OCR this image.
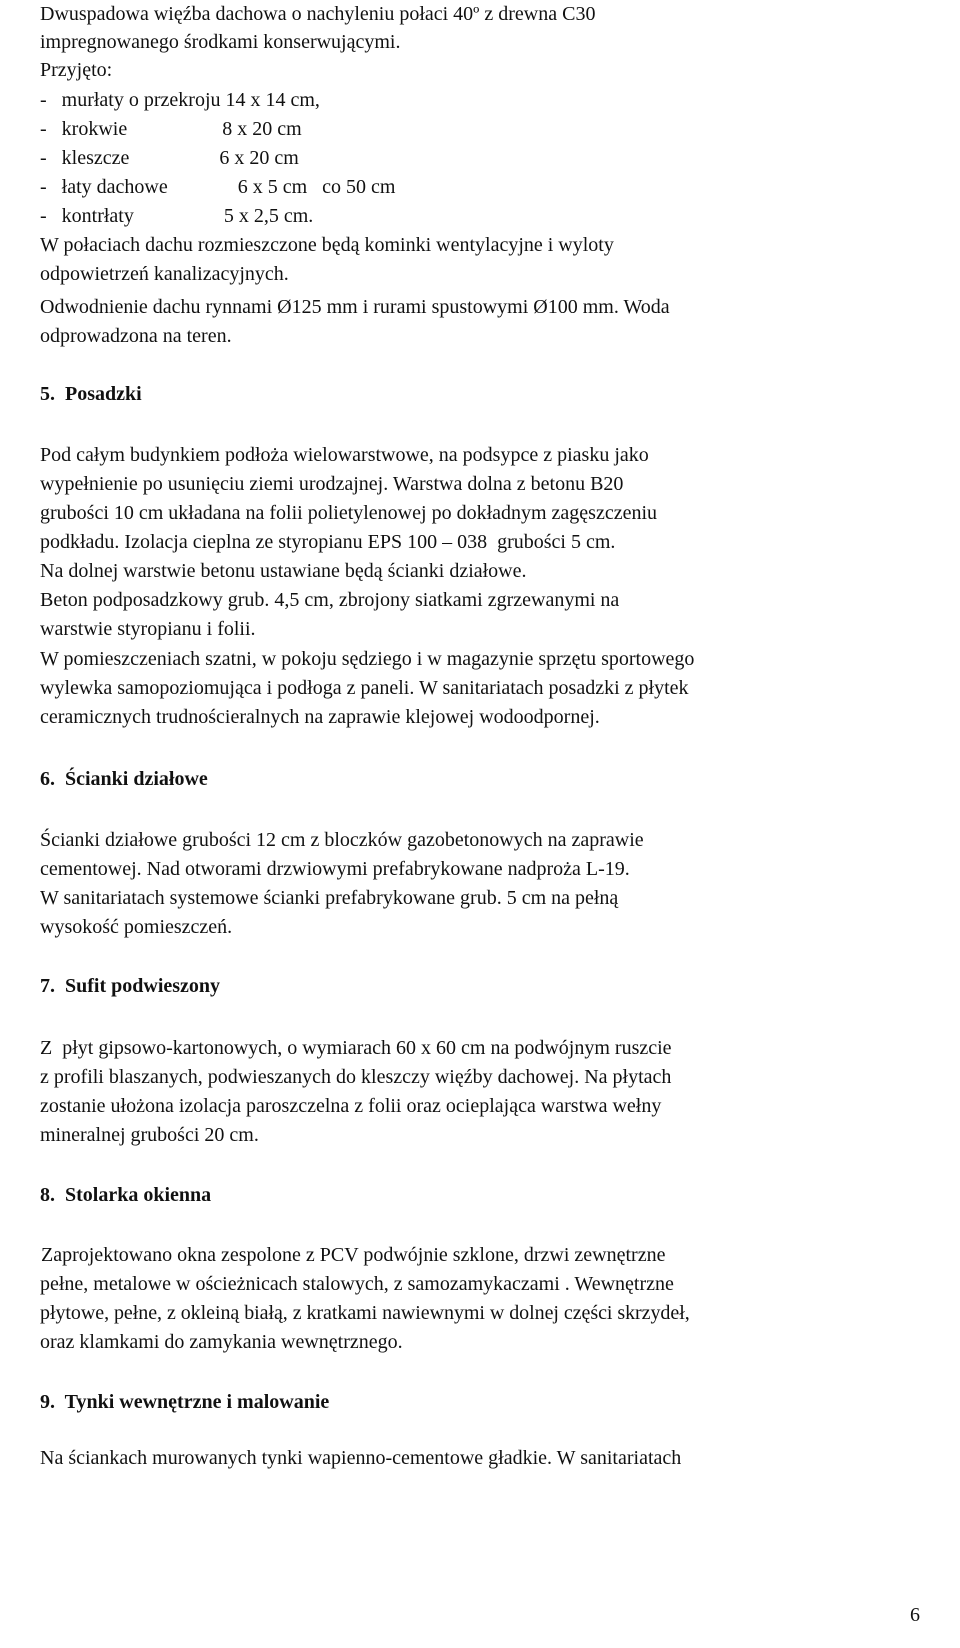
Dwuspadowa więźba dachowa o nachyleniu połaci 40º z drewna C30
impregnowanego środkami konserwującymi.
Przyjęto:
-   murłaty o przekroju 14 x 14 cm,
-   krokwie                   8 x 20 cm
-   kleszcze                  6 x 20 cm
-   łaty dachowe              6 x 5 cm   co 50 cm
-   kontrłaty                  5 x 2,5 cm.
W połaciach dachu rozmieszczone będą kominki wentylacyjne i wyloty
odpowietrzeń kanalizacyjnych.
Odwodnienie dachu rynnami Ø125 mm i rurami spustowymi Ø100 mm. Woda
odprowadzona na teren.
5.  Posadzki
Pod całym budynkiem podłoża wielowarstwowe, na podsypce z piasku jako
wypełnienie po usunięciu ziemi urodzajnej. Warstwa dolna z betonu B20
grubości 10 cm układana na folii polietylenowej po dokładnym zagęszczeniu
podkładu. Izolacja cieplna ze styropianu EPS 100 – 038  grubości 5 cm.
Na dolnej warstwie betonu ustawiane będą ścianki działowe.
Beton podposadzkowy grub. 4,5 cm, zbrojony siatkami zgrzewanymi na
warstwie styropianu i folii.
W pomieszczeniach szatni, w pokoju sędziego i w magazynie sprzętu sportowego
wylewka samopoziomująca i podłoga z paneli. W sanitariatach posadzki z płytek
ceramicznych trudnościeralnych na zaprawie klejowej wodoodpornej.
6.  Ścianki działowe
Ścianki działowe grubości 12 cm z bloczków gazobetonowych na zaprawie
cementowej. Nad otworami drzwiowymi prefabrykowane nadproża L-19.
W sanitariatach systemowe ścianki prefabrykowane grub. 5 cm na pełną
wysokość pomieszczeń.
7.  Sufit podwieszony
Z  płyt gipsowo-kartonowych, o wymiarach 60 x 60 cm na podwójnym ruszcie
z profili blaszanych, podwieszanych do kleszczy więźby dachowej. Na płytach
zostanie ułożona izolacja paroszczelna z folii oraz ocieplająca warstwa wełny
mineralnej grubości 20 cm.
8.  Stolarka okienna
Zaprojektowano okna zespolone z PCV podwójnie szklone, drzwi zewnętrzne
pełne, metalowe w ościeżnicach stalowych, z samozamykaczami . Wewnętrzne
płytowe, pełne, z okleiną białą, z kratkami nawiewnymi w dolnej części skrzydeł,
oraz klamkami do zamykania wewnętrznego.
9.  Tynki wewnętrzne i malowanie
Na ściankach murowanych tynki wapienno-cementowe gładkie. W sanitariatach
6
